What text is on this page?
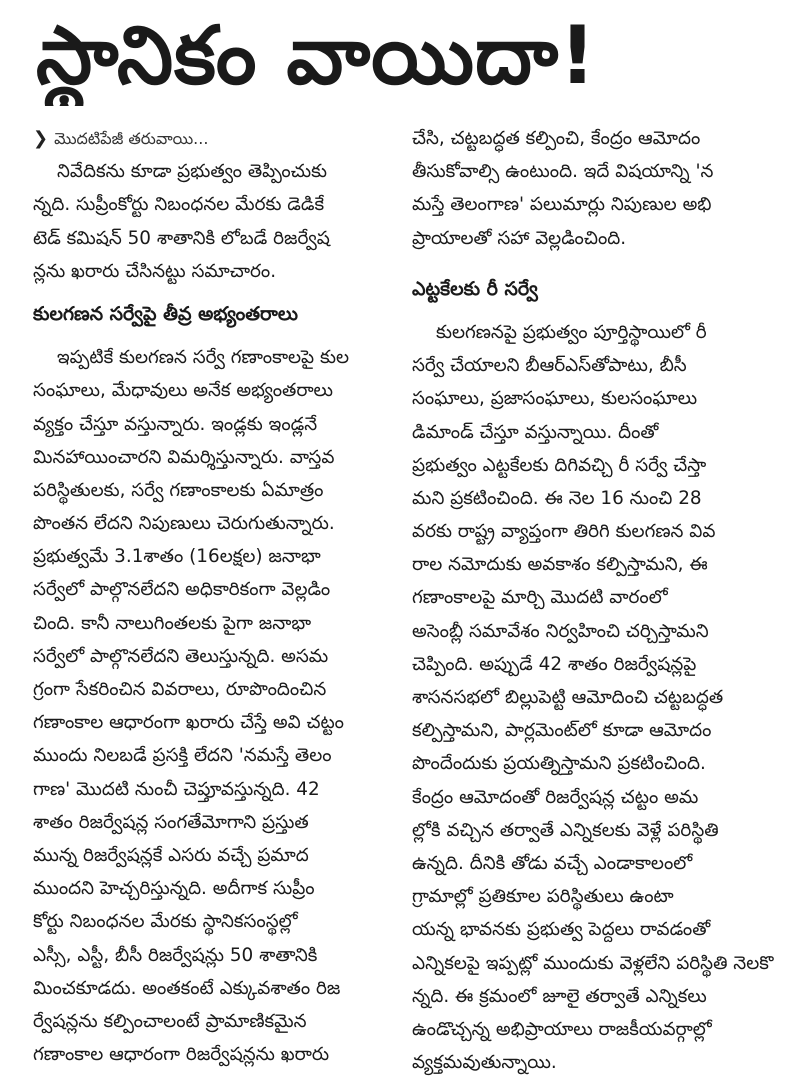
స్థానికం వాయిదా!
❯ మొదటిపేజీ తరువాయి...
నివేదికను కూడా ప్రభుత్వం తెప్పించుకు
న్నది. సుప్రీంకోర్టు నిబంధనల మేరకు డెడికే
టెడ్ కమిషన్ 50 శాతానికి లోబడే రిజర్వేష
న్లను ఖరారు చేసినట్టు సమాచారం.
కులగణన సర్వేపై తీవ్ర అభ్యంతరాలు
ఇప్పటికే కులగణన సర్వే గణాంకాలపై కుల
సంఘాలు, మేధావులు అనేక అభ్యంతరాలు
వ్యక్తం చేస్తూ వస్తున్నారు. ఇండ్లకు ఇండ్లనే
మినహాయించారని విమర్శిస్తున్నారు. వాస్తవ
పరిస్థితులకు, సర్వే గణాంకాలకు ఏమాత్రం
పొంతన లేదని నిపుణులు చెరుగుతున్నారు.
ప్రభుత్వమే 3.1శాతం (16లక్షల) జనాభా
సర్వేలో పాల్గొనలేదని అధికారికంగా వెల్లడిం
చింది. కానీ నాలుగింతలకు పైగా జనాభా
సర్వేలో పాల్గొనలేదని తెలుస్తున్నది. అసమ
గ్రంగా సేకరించిన వివరాలు, రూపొందించిన
గణాంకాల ఆధారంగా ఖరారు చేస్తే అవి చట్టం
ముందు నిలబడే ప్రసక్తి లేదని 'నమస్తే తెలం
గాణ' మొదటి నుంచీ చెప్తూవస్తున్నది. 42
శాతం రిజర్వేషన్ల సంగతేమోగాని ప్రస్తుత
మున్న రిజర్వేషన్లకే ఎసరు వచ్చే ప్రమాద
ముందని హెచ్చరిస్తున్నది. అదీగాక సుప్రీం
కోర్టు నిబంధనల మేరకు స్థానికసంస్థల్లో
ఎస్సీ, ఎస్టీ, బీసీ రిజర్వేషన్లు 50 శాతానికి
మించకూడదు. అంతకంటే ఎక్కువశాతం రిజ
ర్వేషన్లను కల్పించాలంటే ప్రామాణికమైన
గణాంకాల ఆధారంగా రిజర్వేషన్లను ఖరారు
చేసి, చట్టబద్ధత కల్పించి, కేంద్రం ఆమోదం
తీసుకోవాల్సి ఉంటుంది. ఇదే విషయాన్ని 'న
మస్తే తెలంగాణ' పలుమార్లు నిపుణుల అభి
ప్రాయాలతో సహా వెల్లడించింది.
ఎట్టకేలకు రీ సర్వే
కులగణనపై ప్రభుత్వం పూర్తిస్థాయిలో రీ
సర్వే చేయాలని బీఆర్ఎస్‌తోపాటు, బీసీ
సంఘాలు, ప్రజాసంఘాలు, కులసంఘాలు
డిమాండ్ చేస్తూ వస్తున్నాయి. దీంతో
ప్రభుత్వం ఎట్టకేలకు దిగివచ్చి రీ సర్వే చేస్తా
మని ప్రకటించింది. ఈ నెల 16 నుంచి 28
వరకు రాష్ట్ర వ్యాప్తంగా తిరిగి కులగణన వివ
రాల నమోదుకు అవకాశం కల్పిస్తామని, ఈ
గణాంకాలపై మార్చి మొదటి వారంలో
అసెంబ్లీ సమావేశం నిర్వహించి చర్చిస్తామని
చెప్పింది. అప్పుడే 42 శాతం రిజర్వేషన్లపై
శాసనసభలో బిల్లుపెట్టి ఆమోదించి చట్టబద్ధత
కల్పిస్తామని, పార్లమెంట్‌లో కూడా ఆమోదం
పొందేందుకు ప్రయత్నిస్తామని ప్రకటించింది.
కేంద్రం ఆమోదంతో రిజర్వేషన్ల చట్టం అమ
ల్లోకి వచ్చిన తర్వాతే ఎన్నికలకు వెళ్లే పరిస్థితి
ఉన్నది. దీనికి తోడు వచ్చే ఎండాకాలంలో
గ్రామాల్లో ప్రతికూల పరిస్థితులు ఉంటా
యన్న భావనకు ప్రభుత్వ పెద్దలు రావడంతో
ఎన్నికలపై ఇప్పట్లో ముందుకు వెళ్లలేని పరిస్థితి నెలకొ
న్నది. ఈ క్రమంలో జూలై తర్వాతే ఎన్నికలు
ఉండొచ్చన్న అభిప్రాయాలు రాజకీయవర్గాల్లో
వ్యక్తమవుతున్నాయి.
